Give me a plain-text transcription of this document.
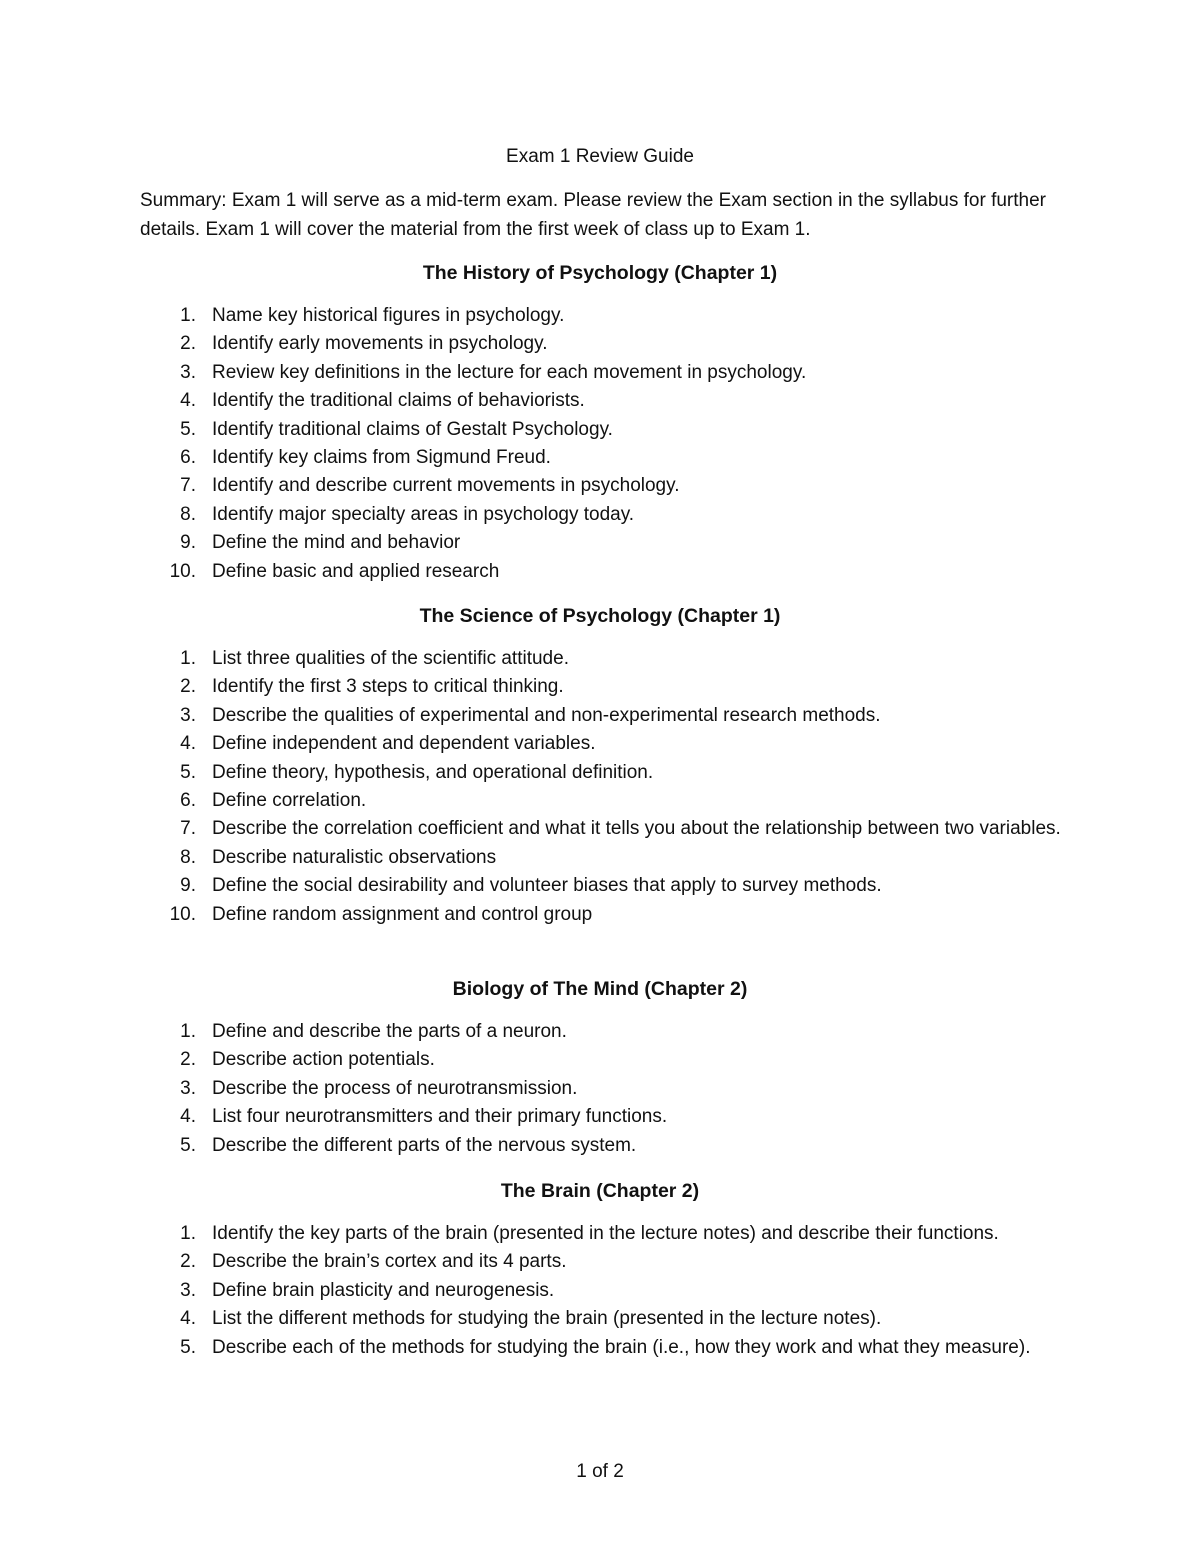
Exam 1 Review Guide

Summary: Exam 1 will serve as a mid-term exam. Please review the Exam section in the syllabus for further details. Exam 1 will cover the material from the first week of class up to Exam 1.

The History of Psychology (Chapter 1)
1. Name key historical figures in psychology.
2. Identify early movements in psychology.
3. Review key definitions in the lecture for each movement in psychology.
4. Identify the traditional claims of behaviorists.
5. Identify traditional claims of Gestalt Psychology.
6. Identify key claims from Sigmund Freud.
7. Identify and describe current movements in psychology.
8. Identify major specialty areas in psychology today.
9. Define the mind and behavior
10. Define basic and applied research
The Science of Psychology (Chapter 1)
1. List three qualities of the scientific attitude.
2. Identify the first 3 steps to critical thinking.
3. Describe the qualities of experimental and non-experimental research methods.
4. Define independent and dependent variables.
5. Define theory, hypothesis, and operational definition.
6. Define correlation.
7. Describe the correlation coefficient and what it tells you about the relationship between two variables.
8. Describe naturalistic observations
9. Define the social desirability and volunteer biases that apply to survey methods.
10. Define random assignment and control group
Biology of The Mind (Chapter 2)
1. Define and describe the parts of a neuron.
2. Describe action potentials.
3. Describe the process of neurotransmission.
4. List four neurotransmitters and their primary functions.
5. Describe the different parts of the nervous system.
The Brain (Chapter 2)
1. Identify the key parts of the brain (presented in the lecture notes) and describe their functions.
2. Describe the brain’s cortex and its 4 parts.
3. Define brain plasticity and neurogenesis.
4. List the different methods for studying the brain (presented in the lecture notes).
5. Describe each of the methods for studying the brain (i.e., how they work and what they measure).
1 of 2
